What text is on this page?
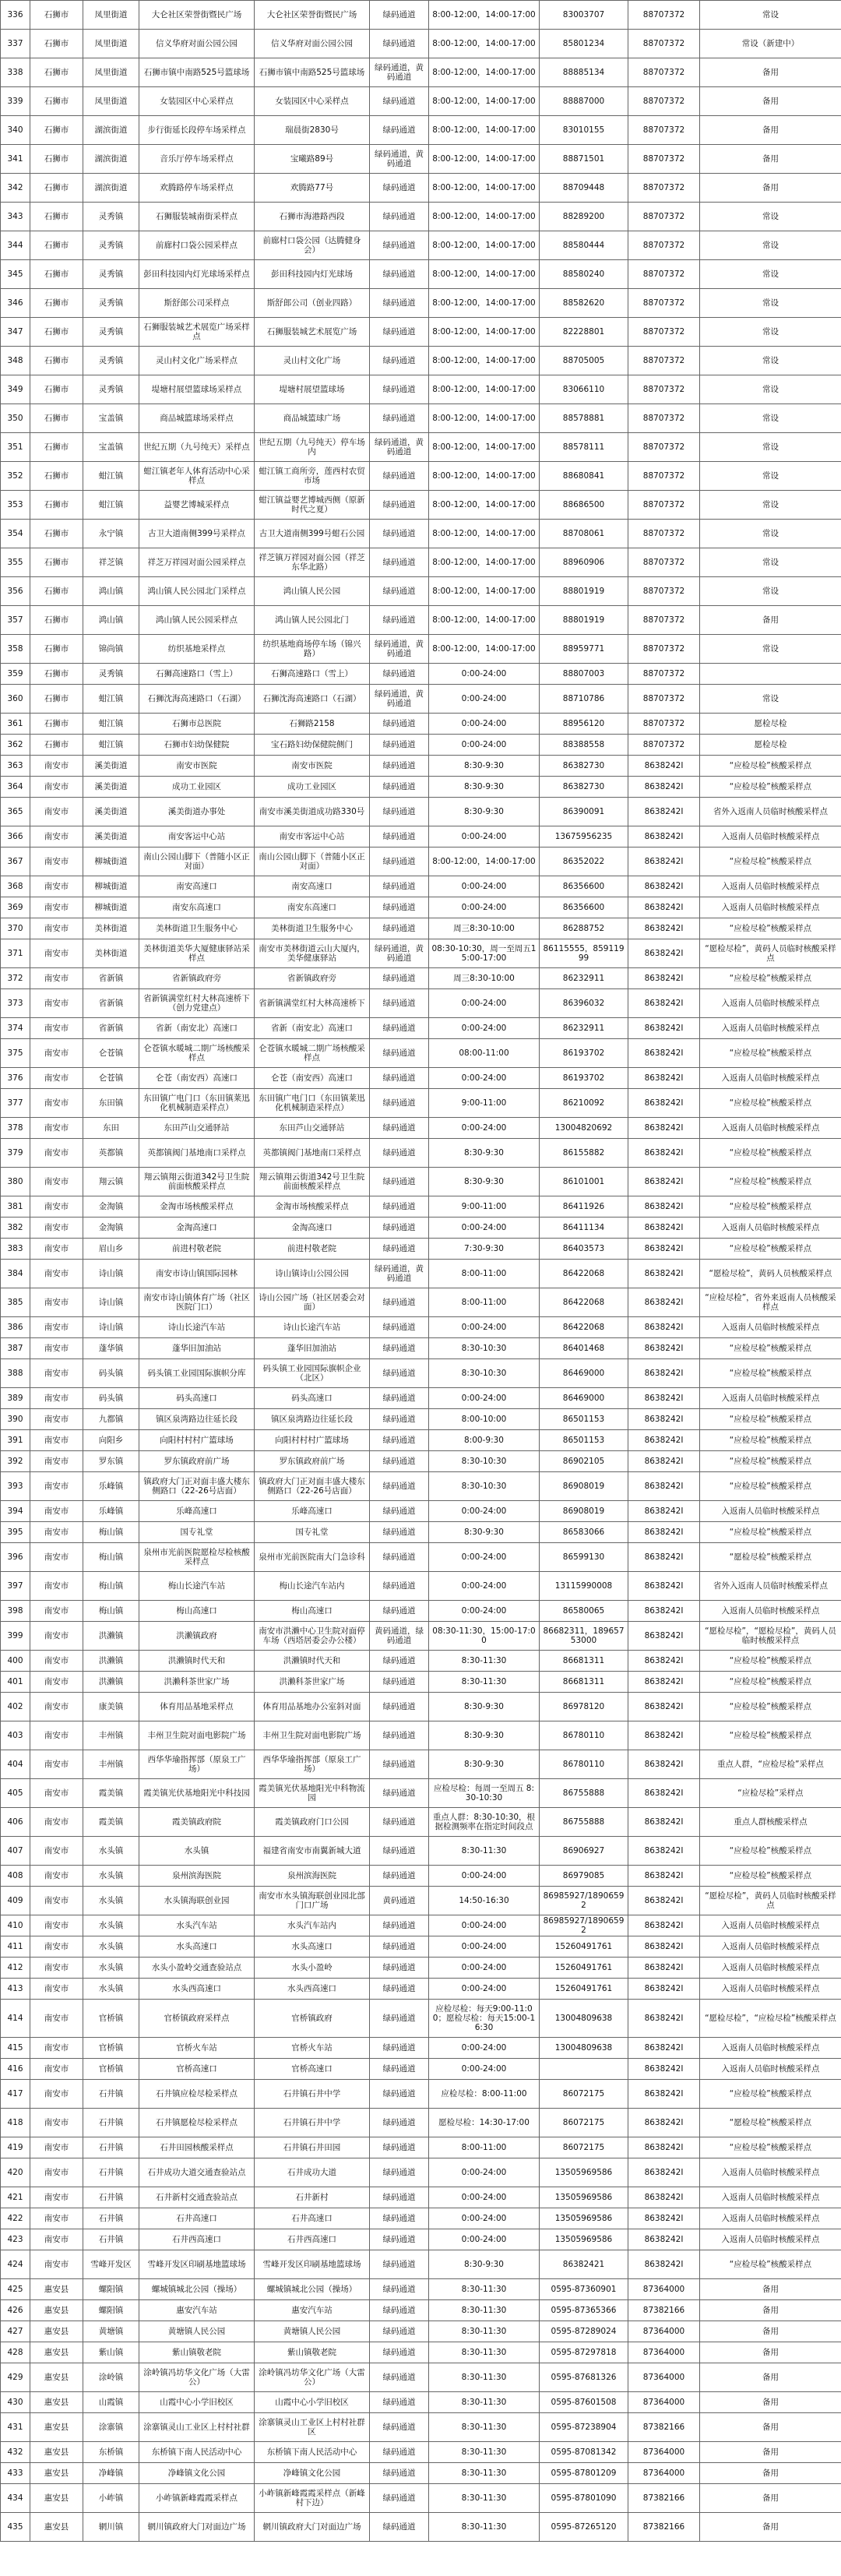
336	石狮市	凤里街道	大仑社区荣誉街暨民广场	大仑社区荣誉街暨民广场	绿码通道	8:00-12:00，14:00-17:00	83003707	88707372	常设
337	石狮市	凤里街道	信义华府对面公园公园	信义华府对面公园公园	绿码通道	8:00-12:00，14:00-17:00	85801234	88707372	常设（新建中）
338	石狮市	凤里街道	石狮市镇中南路525号篮球场	石狮市镇中南路525号篮球场	绿码通道，黄码通道	8:00-12:00，14:00-17:00	88885134	88707372	备用
339	石狮市	凤里街道	女装园区中心采样点	女装园区中心采样点	绿码通道	8:00-12:00，14:00-17:00	88887000	88707372	备用
340	石狮市	湖滨街道	步行街延长段停车场采样点	瑞晨街2830号	绿码通道	8:00-12:00，14:00-17:00	83010155	88707372	备用
341	石狮市	湖滨街道	音乐厅停车场采样点	宝曦路89号	绿码通道，黄码通道	8:00-12:00，14:00-17:00	88871501	88707372	备用
342	石狮市	湖滨街道	欢腾路停车场采样点	欢腾路77号	绿码通道	8:00-12:00，14:00-17:00	88709448	88707372	备用
343	石狮市	灵秀镇	石狮服装城南街采样点	石狮市海港路西段	绿码通道	8:00-12:00，14:00-17:00	88289200	88707372	常设
344	石狮市	灵秀镇	前廊村口袋公园采样点	前廊村口袋公园（达腾健身会）	绿码通道	8:00-12:00，14:00-17:00	88580444	88707372	常设
345	石狮市	灵秀镇	彭田科技园内灯光球场采样点	彭田科技园内灯光球场	绿码通道	8:00-12:00，14:00-17:00	88580240	88707372	常设
346	石狮市	灵秀镇	斯舒郎公司采样点	斯舒郎公司（创业四路）	绿码通道	8:00-12:00，14:00-17:00	88582620	88707372	常设
347	石狮市	灵秀镇	石狮服装城艺术展览广场采样点	石狮服装城艺术展览广场	绿码通道	8:00-12:00，14:00-17:00	82228801	88707372	常设
348	石狮市	灵秀镇	灵山村文化广场采样点	灵山村文化广场	绿码通道	8:00-12:00，14:00-17:00	88705005	88707372	常设
349	石狮市	灵秀镇	堤塘村展望篮球场采样点	堤塘村展望篮球场	绿码通道	8:00-12:00，14:00-17:00	83066110	88707372	常设
350	石狮市	宝盖镇	商品城篮球场采样点	商品城篮球广场	绿码通道	8:00-12:00，14:00-17:00	88578881	88707372	常设
351	石狮市	宝盖镇	世纪五期（九号纯天）采样点	世纪五期（九号纯天）停车场内	绿码通道，黄码通道	8:00-12:00，14:00-17:00	88578111	88707372	常设
352	石狮市	蚶江镇	蚶江镇老年人体育活动中心采样点	蚶江镇工商所旁，莲西村农贸市场	绿码通道	8:00-12:00，14:00-17:00	88680841	88707372	常设
353	石狮市	蚶江镇	益婴艺博城采样点	蚶江镇益婴艺博城西侧（原新时代之夏）	绿码通道	8:00-12:00，14:00-17:00	88686500	88707372	常设
354	石狮市	永宁镇	古卫大道南侧399号采样点	古卫大道南侧399号蚶石公园	绿码通道	8:00-12:00，14:00-17:00	88708061	88707372	常设
355	石狮市	祥芝镇	祥芝万祥园对面公园采样点	祥芝镇万祥园对面公园（祥芝东华北路）	绿码通道	8:00-12:00，14:00-17:00	88960906	88707372	常设
356	石狮市	鸿山镇	鸿山镇人民公园北门采样点	鸿山镇人民公园	绿码通道	8:00-12:00，14:00-17:00	88801919	88707372	常设
357	石狮市	鸿山镇	鸿山镇人民公园采样点	鸿山镇人民公园北门	绿码通道	8:00-12:00，14:00-17:00	88801919	88707372	备用
358	石狮市	锦尚镇	纺织基地采样点	纺织基地商场停车场（锦兴路）	绿码通道，黄码通道	8:00-12:00，14:00-17:00	88959771	88707372	常设
359	石狮市	灵秀镇	石狮高速路口（雪上）	石狮高速路口（雪上）	绿码通道	0:00-24:00	88807003	88707372	
360	石狮市	蚶江镇	石狮沈海高速路口（石湖）	石狮沈海高速路口（石湖）	绿码通道，黄码通道	0:00-24:00	88710786	88707372	常设
361	石狮市	蚶江镇	石狮市总医院	石狮路2158	绿码通道	0:00-24:00	88956120	88707372	愿检尽检
362	石狮市	蚶江镇	石狮市妇幼保健院	宝石路妇幼保健院侧门	绿码通道	0:00-24:00	88388558	88707372	愿检尽检
363	南安市	溪美街道	南安市医院	南安市医院	绿码通道	8:30-9:30	86382730	8638242I	“应检尽检”核酸采样点
364	南安市	溪美街道	成功工业园区	成功工业园区	绿码通道	8:30-9:30	86382730	8638242I	“应检尽检”核酸采样点
365	南安市	溪美街道	溪美街道办事处	南安市溪美街道成功路330号	绿码通道	8:30-9:30	86390091	8638242I	省外入返南人员临时核酸采样点
366	南安市	溪美街道	南安客运中心站	南安市客运中心站	绿码通道	0:00-24:00	13675956235	8638242I	入返南人员临时核酸采样点
367	南安市	柳城街道	南山公园山脚下（普随小区正对面）	南山公园山脚下（普随小区正对面）	绿码通道	8:00-12:00，14:00-17:00	86352022	8638242I	“应检尽检”核酸采样点
368	南安市	柳城街道	南安高速口	南安高速口	绿码通道	0:00-24:00	86356600	8638242I	入返南人员临时核酸采样点
369	南安市	柳城街道	南安东高速口	南安东高速口	绿码通道	0:00-24:00	86356600	8638242I	入返南人员临时核酸采样点
370	南安市	美林街道	美林街道卫生服务中心	美林街道卫生服务中心	绿码通道	周三8:30-10:00	86288752	8638242I	“应检尽检”核酸采样点
371	南安市	美林街道	美林街道美华大厦健康驿站采样点	南安市美林街道云山大厦内，美华健康驿站	绿码通道，黄码通道	08:30-10:30，周一至周五15:00-17:00	86115555，85911999	8638242I	“愿检尽检”，黄码人员临时核酸采样点
372	南安市	省新镇	省新镇政府旁	省新镇政府旁	绿码通道	周三8:30-10:00	86232911	8638242I	“应检尽检”核酸采样点
373	南安市	省新镇	省新镇满堂红村大林高速桥下（创力党建点）	省新镇满堂红村大林高速桥下	绿码通道	0:00-24:00	86396032	8638242I	入返南人员临时核酸采样点
374	南安市	省新镇	省新（南安北）高速口	省新（南安北）高速口	绿码通道	0:00-24:00	86232911	8638242I	入返南人员临时核酸采样点
375	南安市	仑苍镇	仑苍镇水暖城二期广场核酸采样点	仑苍镇水暖城二期广场核酸采样点	绿码通道	08:00-11:00	86193702	8638242I	“应检尽检”核酸采样点
376	南安市	仑苍镇	仑苍（南安西）高速口	仑苍（南安西）高速口	绿码通道	0:00-24:00	86193702	8638242I	入返南人员临时核酸采样点
377	南安市	东田镇	东田镇广电门口（东田镇莱迅化机械制造采样点）	东田镇广电门口（东田镇莱迅化机械制造采样点）	绿码通道	9:00-11:00	86210092	8638242I	“应检尽检”核酸采样点
378	南安市	东田	东田芦山交通驿站	东田芦山交通驿站	绿码通道	0:00-24:00	13004820692	8638242I	入返南人员临时核酸采样点
379	南安市	英都镇	英都镇阀门基地南口采样点	英都镇阀门基地南口采样点	绿码通道	8:30-9:30	86155882	8638242I	“应检尽检”核酸采样点
380	南安市	翔云镇	翔云镇翔云街道342号卫生院前面核酸采样点	翔云镇翔云街道342号卫生院前面核酸采样点	绿码通道	8:30-9:30	86101001	8638242I	“应检尽检”核酸采样点
381	南安市	金淘镇	金淘市场核酸采样点	金淘市场核酸采样点	绿码通道	9:00-11:00	86411926	8638242I	“应检尽检”核酸采样点
382	南安市	金淘镇	金淘高速口	金淘高速口	绿码通道	0:00-24:00	86411134	8638242I	入返南人员临时核酸采样点
383	南安市	眉山乡	前进村敬老院	前进村敬老院	绿码通道	7:30-9:30	86403573	8638242I	“应检尽检”核酸采样点
384	南安市	诗山镇	南安市诗山镇国际园林	诗山镇诗山公园公园	绿码通道，黄码通道	8:00-11:00	86422068	8638242I	“愿检尽检”，黄码人员核酸采样点
385	南安市	诗山镇	南安市诗山镇体育广场（社区医院门口）	诗山公园广场（社区居委会对面）	绿码通道	8:00-11:00	86422068	8638242I	“应检尽检”，省外来返南人员核酸采样点
386	南安市	诗山镇	诗山长途汽车站	诗山长途汽车站	绿码通道	0:00-24:00	86422068	8638242I	入返南人员临时核酸采样点
387	南安市	蓬华镇	蓬华旧加油站	蓬华旧加油站	绿码通道	8:30-10:30	86401468	8638242I	“应检尽检”核酸采样点
388	南安市	码头镇	码头镇工业园国际旗帜分库	码头镇工业园国际旗帜企业（北区）	绿码通道	8:30-10:30	86469000	8638242I	“应检尽检”核酸采样点
389	南安市	码头镇	码头高速口	码头高速口	绿码通道	0:00-24:00	86469000	8638242I	入返南人员临时核酸采样点
390	南安市	九都镇	镇区泉湾路边往延长段	镇区泉湾路边往延长段	绿码通道	8:00-10:00	86501153	8638242I	“应检尽检”核酸采样点
391	南安市	向阳乡	向阳村村村广篮球场	向阳村村村广篮球场	绿码通道	8:00-9:30	86501153	8638242I	“应检尽检”核酸采样点
392	南安市	罗东镇	罗东镇政府前广场	罗东镇政府前广场	绿码通道	8:30-10:30	86902105	8638242I	“应检尽检”核酸采样点
393	南安市	乐峰镇	镇政府大门正对面丰盛大楼东侧路口（22-26号店面）	镇政府大门正对面丰盛大楼东侧路口（22-26号店面）	绿码通道	8:30-10:30	86908019	8638242I	“应检尽检”核酸采样点
394	南安市	乐峰镇	乐峰高速口	乐峰高速口	绿码通道	0:00-24:00	86908019	8638242I	入返南人员临时核酸采样点
395	南安市	梅山镇	国专礼堂	国专礼堂	绿码通道	8:30-9:30	86583066	8638242I	“应检尽检”核酸采样点
396	南安市	梅山镇	泉州市光前医院愿检尽检核酸采样点	泉州市光前医院南大门急诊科	绿码通道	0:00-24:00	86599130	8638242I	“愿检尽检”核酸采样点
397	南安市	梅山镇	梅山长途汽车站	梅山长途汽车站内	绿码通道	0:00-24:00	13115990008	8638242I	省外入返南人员临时核酸采样点
398	南安市	梅山镇	梅山高速口	梅山高速口	绿码通道	0:00-24:00	86580065	8638242I	入返南人员临时核酸采样点
399	南安市	洪濑镇	洪濑镇政府	南安市洪濑中心卫生院对面停车场（西塔居委会办公楼）	黄码通道，绿码通道	08:30-11:30，15:00-17:00	86682311，18965753000	8638242I	“愿检尽检”，“愿检尽检”，黄码人员临时核酸采样点
400	南安市	洪濑镇	洪濑镇时代天和	洪濑镇时代天和	绿码通道	8:30-11:30	86681311	8638242I	“应检尽检”核酸采样点
401	南安市	洪濑镇	洪濑科茶世家广场	洪濑科茶世家广场	绿码通道	8:30-11:30	86681311	8638242I	“应检尽检”核酸采样点
402	南安市	康美镇	体育用品基地采样点	体育用品基地办公室斜对面	绿码通道	8:30-9:30	86978120	8638242I	“应检尽检”核酸采样点
403	南安市	丰州镇	丰州卫生院对面电影院广场	丰州卫生院对面电影院广场	绿码通道	8:30-9:30	86780110	8638242I	“应检尽检”核酸采样点
404	南安市	丰州镇	西华华瑜指挥部（原泉工广场）	西华华瑜指挥部（原泉工广场）	绿码通道	8:30-9:30	86780110	8638242I	重点人群，“应检尽检”采样点
405	南安市	霞美镇	霞美镇光伏基地阳光中科技园	霞美镇光伏基地阳光中科物流园	绿码通道	应检尽检：每周一至周五 8:30-10:30	86755888	8638242I	“应检尽检”采样点
406	南安市	霞美镇	霞美镇政府院	霞美镇政府门口公园	绿码通道	重点人群：8:30-10:30，根据检测频率在指定时间段点	86755888	8638242I	重点人群核酸采样点
407	南安市	水头镇	水头镇	福建省南安市南翼新城大道	绿码通道	8:30-11:30	86906927	8638242I	“应检尽检”核酸采样点
408	南安市	水头镇	泉州滨海医院	泉州滨海医院	绿码通道	0:00-24:00	86979085	8638242I	“应检尽检”核酸采样点
409	南安市	水头镇	水头镇海联创业园	南安市水头镇海联创业园北部门口广场	黄码通道	14:50-16:30	86985927/18906592	8638242I	“愿检尽检”，黄码人员临时核酸采样点
410	南安市	水头镇	水头汽车站	水头汽车站内	绿码通道	0:00-24:00	86985927/18906592	8638242I	入返南人员临时核酸采样点
411	南安市	水头镇	水头高速口	水头高速口	绿码通道	0:00-24:00	15260491761	8638242I	入返南人员临时核酸采样点
412	南安市	水头镇	水头小盈岭交通查验站点	水头小盈岭	绿码通道	0:00-24:00	15260491761	8638242I	入返南人员临时核酸采样点
413	南安市	水头镇	水头西高速口	水头西高速口	绿码通道	0:00-24:00	15260491761	8638242I	入返南人员临时核酸采样点
414	南安市	官桥镇	官桥镇政府采样点	官桥镇政府	绿码通道	应检尽检：每天9:00-11:00；愿检尽检：每天15:00-16:30	13004809638	8638242I	“愿检尽检”，“应检尽检”核酸采样点
415	南安市	官桥镇	官桥火车站	官桥火车站	绿码通道	0:00-24:00	13004809638	8638242I	入返南人员临时核酸采样点
416	南安市	官桥镇	官桥高速口	官桥高速口	绿码通道	0:00-24:00		8638242I	入返南人员临时核酸采样点
417	南安市	石井镇	石井镇应检尽检采样点	石井镇石井中学	绿码通道	应检尽检：8:00-11:00	86072175	8638242I	“应检尽检”核酸采样点
418	南安市	石井镇	石井镇愿检尽检采样点	石井镇石井中学	绿码通道	愿检尽检：14:30-17:00	86072175	8638242I	“愿检尽检”核酸采样点
419	南安市	石井镇	石井田园核酸采样点	石井镇石井田园	绿码通道	8:00-11:00	86072175	8638242I	“应检尽检”核酸采样点
420	南安市	石井镇	石井成功大道交通查验站点	石井成功大道	绿码通道	0:00-24:00	13505969586	8638242I	入返南人员临时核酸采样点
421	南安市	石井镇	石井新村交通查验站点	石井新村	绿码通道	0:00-24:00	13505969586	8638242I	入返南人员临时核酸采样点
422	南安市	石井镇	石井高速口	石井高速口	绿码通道	0:00-24:00	13505969586	8638242I	入返南人员临时核酸采样点
423	南安市	石井镇	石井西高速口	石井西高速口	绿码通道	0:00-24:00	13505969586	8638242I	入返南人员临时核酸采样点
424	南安市	雪峰开发区	雪峰开发区印刷基地篮球场	雪峰开发区印刷基地篮球场	绿码通道	8:30-9:30	86382421	8638242I	“应检尽检”核酸采样点
425	惠安县	螺阳镇	螺城镇城北公园（操场）	螺城镇城北公园（操场）	绿码通道	8:30-11:30	0595-87360901	87364000	备用
426	惠安县	螺阳镇	惠安汽车站	惠安汽车站	绿码通道	8:30-11:30	0595-87365366	87382166	备用
427	惠安县	黄塘镇	黄塘镇人民公园	黄塘镇人民公园	绿码通道	8:30-11:30	0595-87289024	87364000	备用
428	惠安县	紫山镇	紫山镇敬老院	紫山镇敬老院	绿码通道	8:30-11:30	0595-87297818	87364000	备用
429	惠安县	涂岭镇	涂岭镇冯坊华文化广场（大雷公）	涂岭镇冯坊华文化广场（大雷公）	绿码通道	8:30-11:30	0595-87681326	87364000	备用
430	惠安县	山霞镇	山霞中心小学旧校区	山霞中心小学旧校区	绿码通道	8:30-11:30	0595-87601508	87364000	备用
431	惠安县	涂寨镇	涂寨镇灵山工业区上村村社群	涂寨镇灵山工业区上村村社群区	绿码通道	8:30-11:30	0595-87238904	87382166	备用
432	惠安县	东桥镇	东桥镇下南人民活动中心	东桥镇下南人民活动中心	绿码通道	8:30-11:30	0595-87081342	87364000	备用
433	惠安县	净峰镇	净峰镇文化公园	净峰镇文化公园	绿码通道	8:30-11:30	0595-87801209	87364000	备用
434	惠安县	小岞镇	小岞镇新峰霞霞采样点	小岞镇新峰霞霞采样点（新峰村下边）	绿码通道	8:30-11:30	0595-87801090	87382166	备用
435	惠安县	辋川镇	辋川镇政府大门对面边广场	辋川镇政府大门对面边广场	绿码通道	8:30-11:30	0595-87265120	87382166	备用
